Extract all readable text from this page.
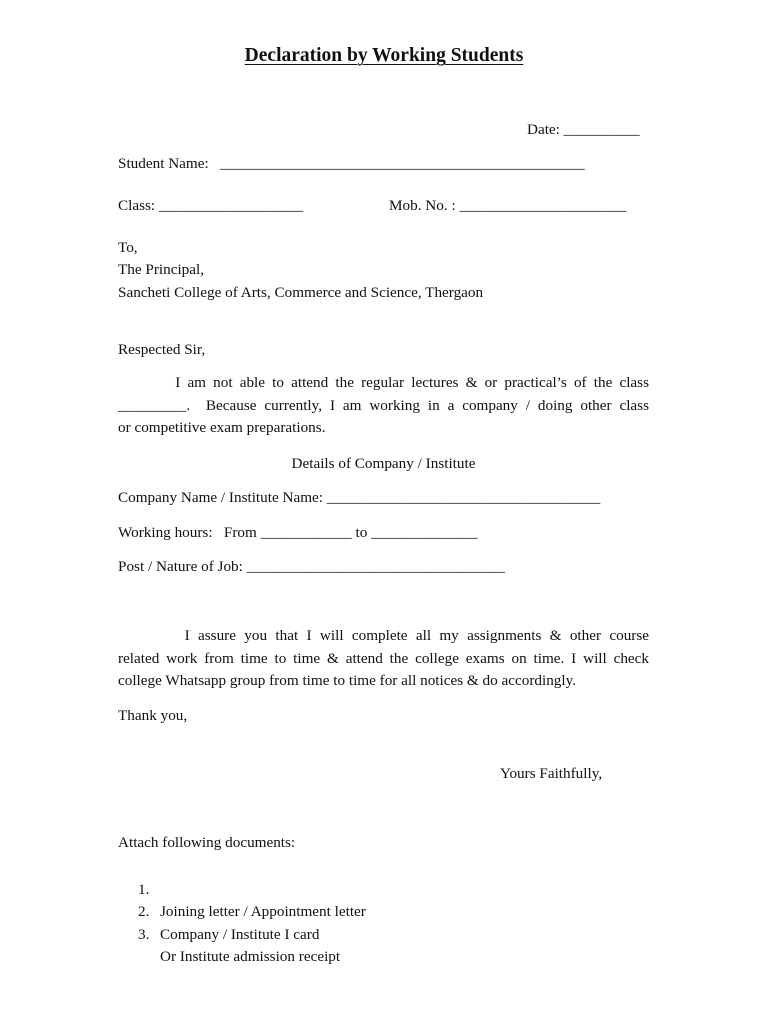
Declaration by Working Students
Date: __________
Student Name:   ________________________________________________
Class: ___________________	Mob. No. : ______________________
To,
The Principal,
Sancheti College of Arts, Commerce and Science, Thergaon
Respected Sir,
I am not able to attend the regular lectures & or practical’s of the class
_________.  Because currently, I am working in a company / doing other class
or competitive exam preparations.
Details of Company / Institute
Company Name / Institute Name: ____________________________________
Working hours:   From ____________ to ______________
Post / Nature of Job: __________________________________
I assure you that I will complete all my assignments & other course
related work from time to time & attend the college exams on time. I will check
college Whatsapp group from time to time for all notices & do accordingly.
Thank you,
Yours Faithfully,
Attach following documents:

1.

Joining letter / Appointment letter

2.

Company / Institute I card

3.

Or Institute admission receipt
